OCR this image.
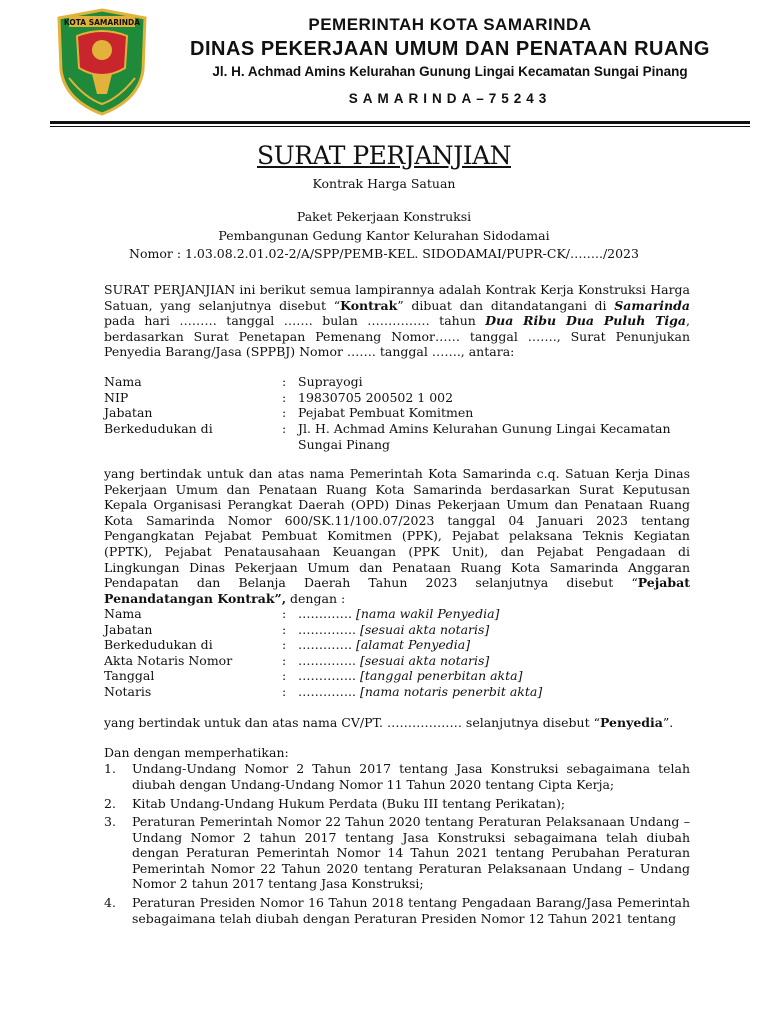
KOTA SAMARINDA	PEMERINTAH KOTA SAMARINDA
DINAS PEKERJAAN UMUM DAN PENATAAN RUANG
Jl. H. Achmad Amins Kelurahan Gunung Lingai Kecamatan Sungai Pinang
SAMARINDA–75243
SURAT PERJANJIAN
Kontrak Harga Satuan
Paket Pekerjaan Konstruksi
Pembangunan Gedung Kantor Kelurahan Sidodamai
Nomor : 1.03.08.2.01.02-2/A/SPP/PEMB-KEL. SIDODAMAI/PUPR-CK/……../2023
SURAT PERJANJIAN ini berikut semua lampirannya adalah Kontrak Kerja Konstruksi Harga Satuan, yang selanjutnya disebut “Kontrak” dibuat dan ditandatangani di Samarinda pada hari ……… tanggal ……. bulan …………… tahun Dua Ribu Dua Puluh Tiga, berdasarkan Surat Penetapan Pemenang Nomor…… tanggal ……., Surat Penunjukan Penyedia Barang/Jasa (SPPBJ) Nomor ……. tanggal ……., antara:
Nama	: Suprayogi
NIP	: 19830705 200502 1 002
Jabatan	: Pejabat Pembuat Komitmen
Berkedudukan di	: Jl. H. Achmad Amins Kelurahan Gunung Lingai Kecamatan Sungai Pinang
yang bertindak untuk dan atas nama Pemerintah Kota Samarinda c.q. Satuan Kerja Dinas Pekerjaan Umum dan Penataan Ruang Kota Samarinda berdasarkan Surat Keputusan Kepala Organisasi Perangkat Daerah (OPD) Dinas Pekerjaan Umum dan Penataan Ruang Kota Samarinda Nomor 600/SK.11/100.07/2023 tanggal 04 Januari 2023 tentang Pengangkatan Pejabat Pembuat Komitmen (PPK), Pejabat pelaksana Teknis Kegiatan (PPTK), Pejabat Penatausahaan Keuangan (PPK Unit), dan Pejabat Pengadaan di Lingkungan Dinas Pekerjaan Umum dan Penataan Ruang Kota Samarinda Anggaran Pendapatan dan Belanja Daerah Tahun 2023 selanjutnya disebut “Pejabat Penandatangan Kontrak”, dengan :
Nama	: …………. [nama wakil Penyedia]
Jabatan	: ………….. [sesuai akta notaris]
Berkedudukan di	: …………. [alamat Penyedia]
Akta Notaris Nomor	: ………….. [sesuai akta notaris]
Tanggal	: ………….. [tanggal penerbitan akta]
Notaris	: ………….. [nama notaris penerbit akta]
yang bertindak untuk dan atas nama CV/PT. ……………… selanjutnya disebut “Penyedia”.
Dan dengan memperhatikan:
1. Undang-Undang Nomor 2 Tahun 2017 tentang Jasa Konstruksi sebagaimana telah diubah dengan Undang-Undang Nomor 11 Tahun 2020 tentang Cipta Kerja;
2. Kitab Undang-Undang Hukum Perdata (Buku III tentang Perikatan);
3. Peraturan Pemerintah Nomor 22 Tahun 2020 tentang Peraturan Pelaksanaan Undang – Undang Nomor 2 tahun 2017 tentang Jasa Konstruksi sebagaimana telah diubah dengan Peraturan Pemerintah Nomor 14 Tahun 2021 tentang Perubahan Peraturan Pemerintah Nomor 22 Tahun 2020 tentang Peraturan Pelaksanaan Undang – Undang Nomor 2 tahun 2017 tentang Jasa Konstruksi;
4. Peraturan Presiden Nomor 16 Tahun 2018 tentang Pengadaan Barang/Jasa Pemerintah sebagaimana telah diubah dengan Peraturan Presiden Nomor 12 Tahun 2021 tentang
